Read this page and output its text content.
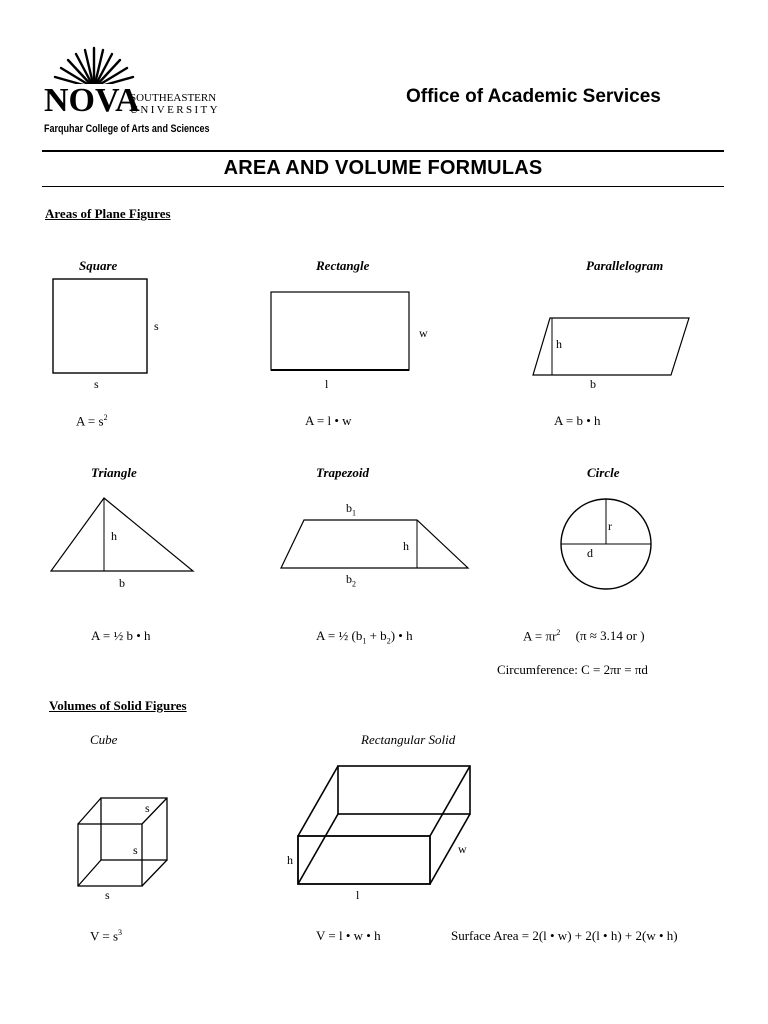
NOVA
SOUTHEASTERN
UNIVERSITY
Farquhar College of Arts and Sciences
Office of Academic Services
AREA AND VOLUME FORMULAS
Areas of Plane Figures
Square
s
s
$A = s^2$
Rectangle
w
l
A = l • w
Parallelogram
h
b
A = b • h
Triangle
h
b
A = ½ b • h
Trapezoid
$b_1$
h
$b_2$
A = ½ $(b_1 + b_2)$ • h
Circle
r
d
$A = \pi r^2$ (π ≈ 3.14 or )
Circumference: C = 2πr = πd
Volumes of Solid Figures
Cube
s
s
s
$V = s^3$
Rectangular Solid
h
w
l
V = l • w • h	Surface Area = 2(l • w) + 2(l • h) + 2(w • h)
